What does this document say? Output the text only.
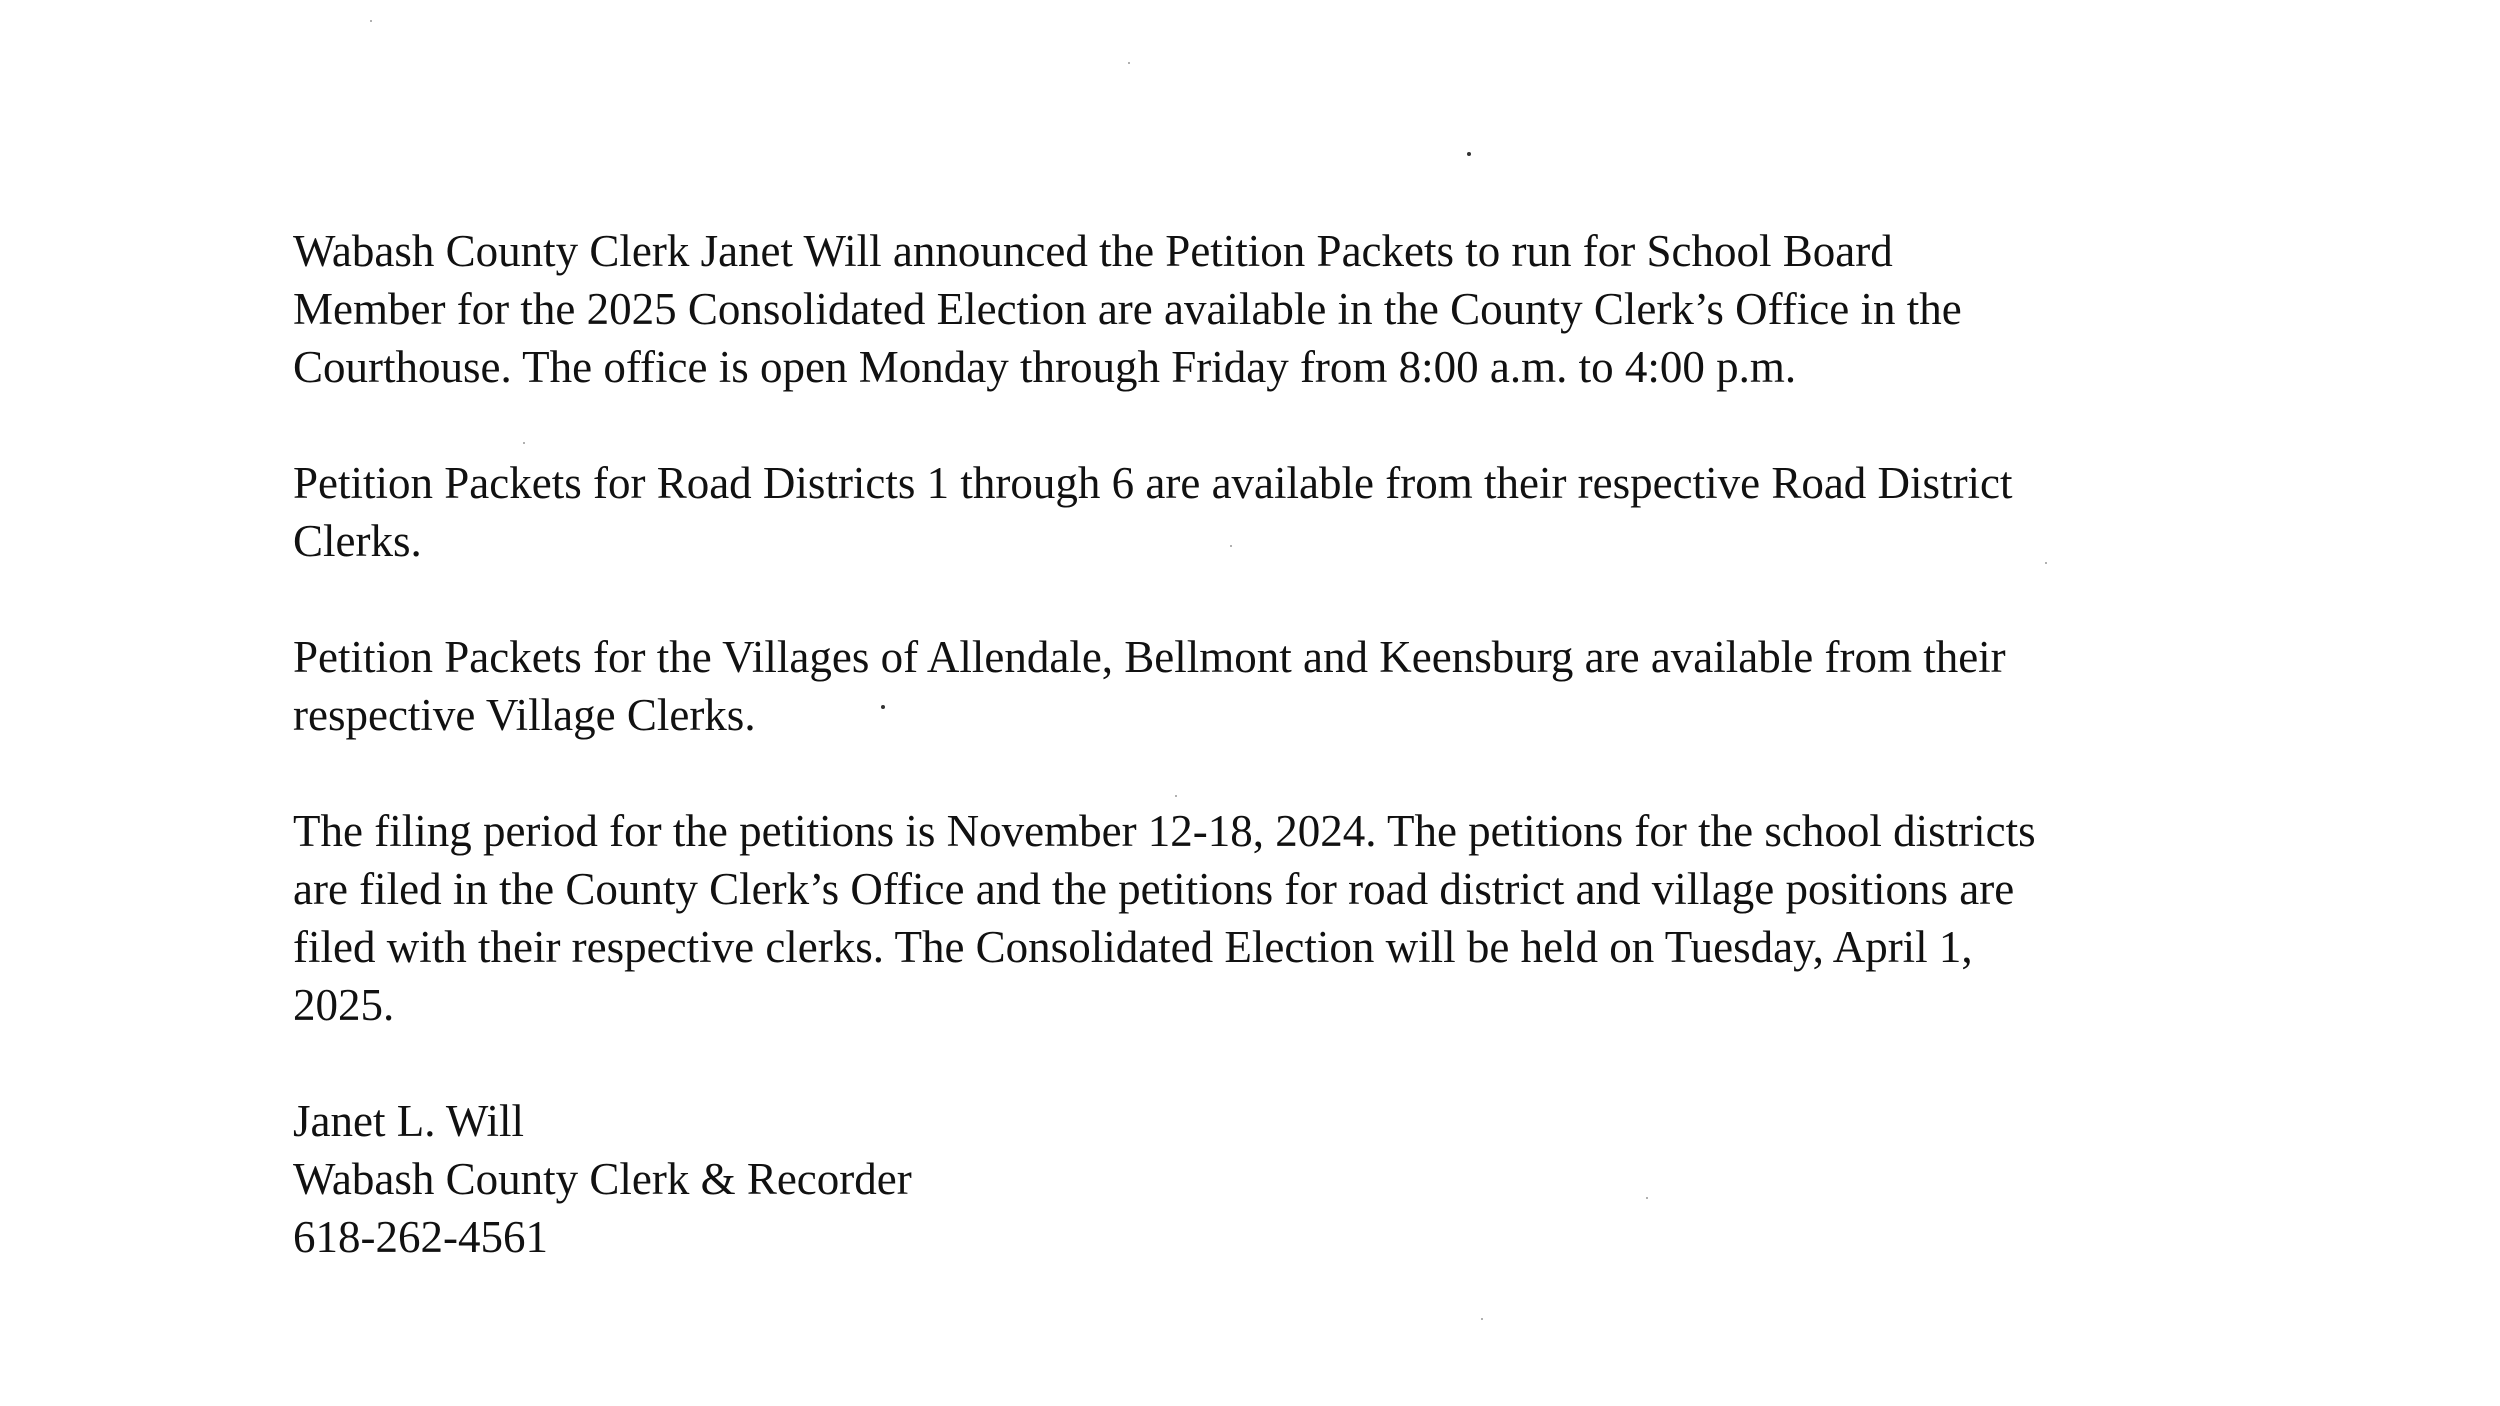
Wabash County Clerk Janet Will announced the Petition Packets to run for School Board
Member for the 2025 Consolidated Election are available in the County Clerk’s Office in the
Courthouse. The office is open Monday through Friday from 8:00 a.m. to 4:00 p.m.

Petition Packets for Road Districts 1 through 6 are available from their respective Road District
Clerks.

Petition Packets for the Villages of Allendale, Bellmont and Keensburg are available from their
respective Village Clerks.

The filing period for the petitions is November 12-18, 2024. The petitions for the school districts
are filed in the County Clerk’s Office and the petitions for road district and village positions are
filed with their respective clerks. The Consolidated Election will be held on Tuesday, April 1,
2025.

Janet L. Will
Wabash County Clerk & Recorder
618-262-4561
